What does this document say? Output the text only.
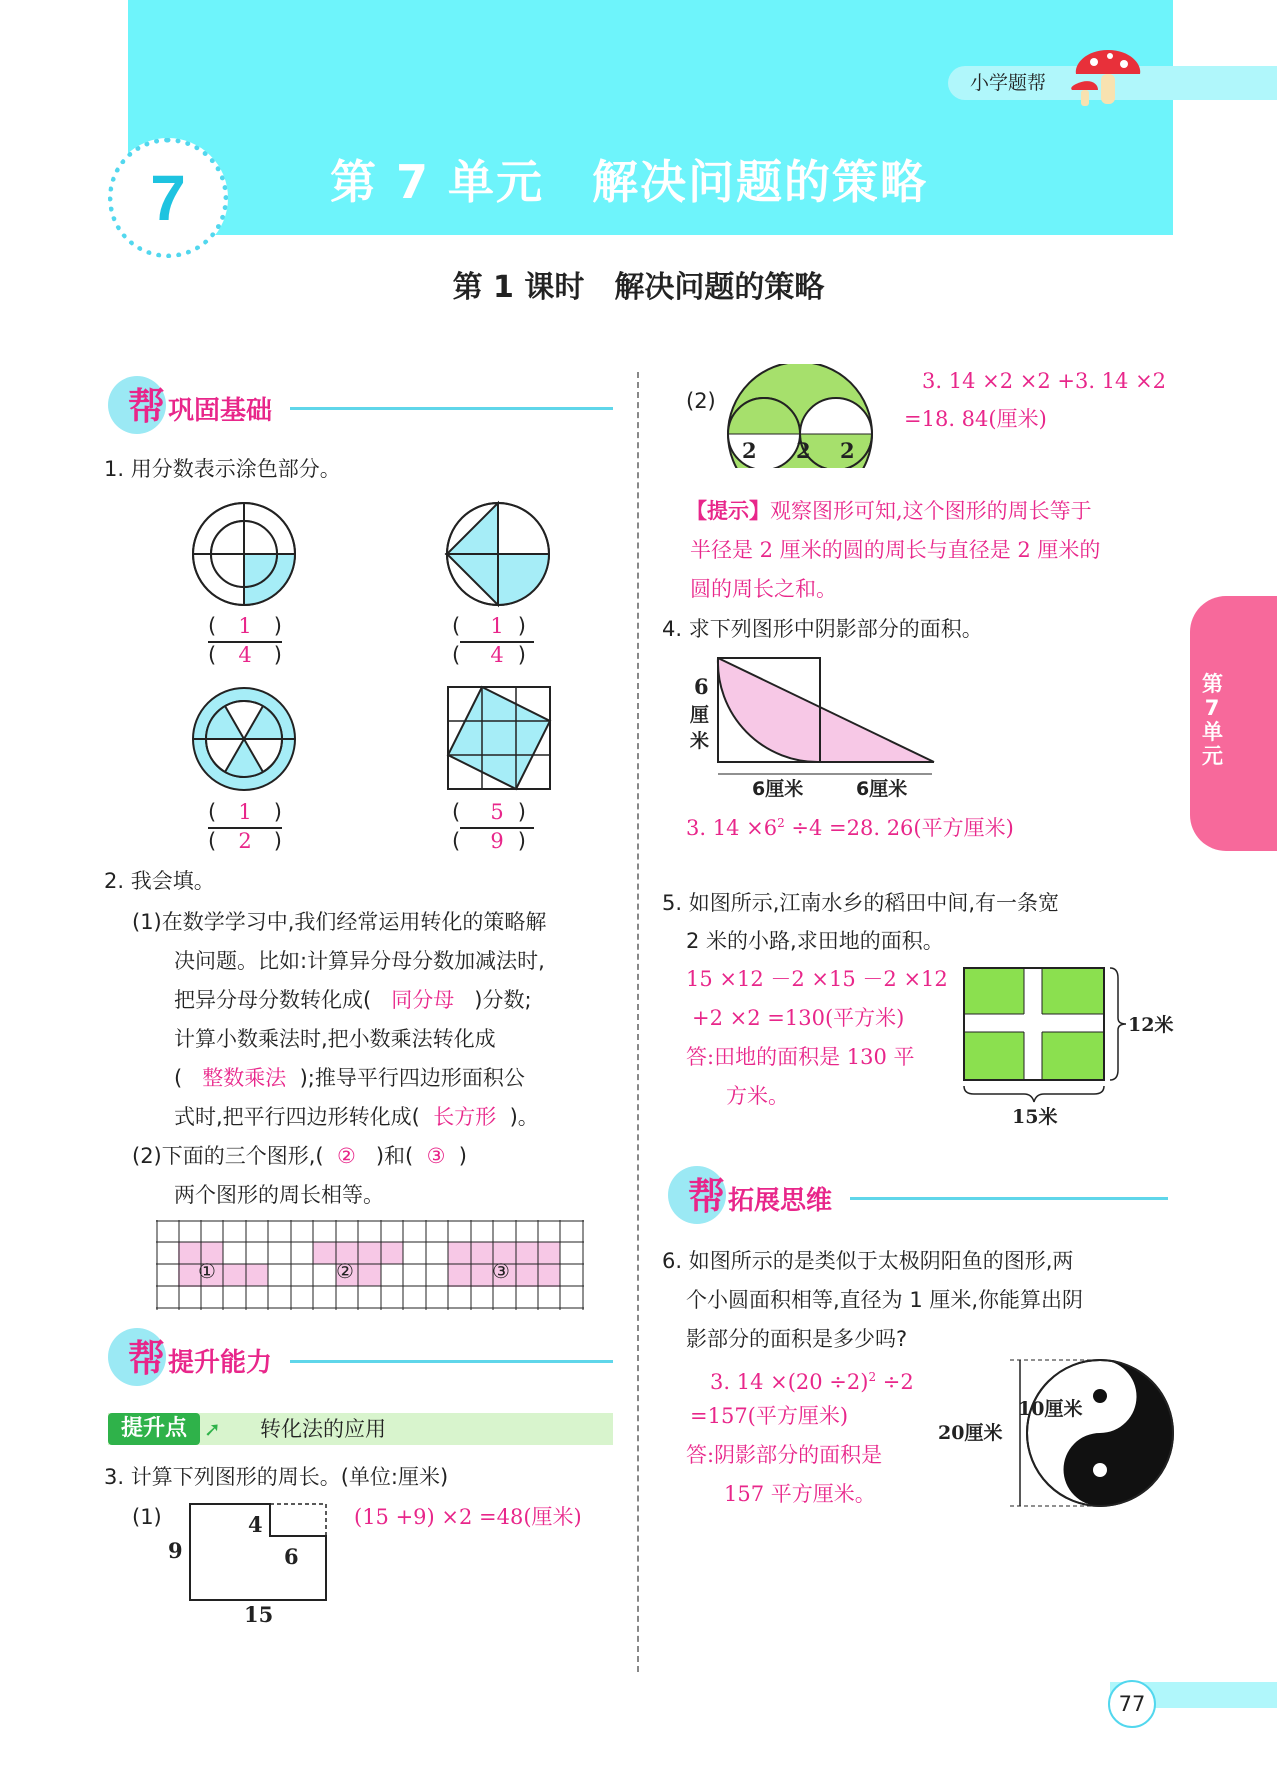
小学题帮
7	第 7 单元　解决问题的策略
第 1 课时　解决问题的策略
第7单元
77
帮 巩固基础
1. 用分数表示涂色部分。
( 1 )
( 4 )
( 1 )
( 4 )
( 1 )
( 2 )
( 5 )
( 9 )
2. 我会填。
(1)在数学学习中,我们经常运用转化的策略解
决问题。比如:计算异分母分数加减法时,
把异分母分数转化成( 同分母 )分数;
计算小数乘法时,把小数乘法转化成
( 整数乘法 );推导平行四边形面积公
式时,把平行四边形转化成( 长方形 )。
(2)下面的三个图形,( ② )和( ③ )
两个图形的周长相等。
①	②	③
帮 提升能力
提升点 ➚ 转化法的应用
3. 计算下列图形的周长。(单位:厘米)
(1)
9
4
6
15
(15 +9) ×2 =48(厘米)
(2)
2 2 2
3. 14 ×2 ×2 +3. 14 ×2
=18. 84(厘米)
【提示】观察图形可知,这个图形的周长等于
半径是 2 厘米的圆的周长与直径是 2 厘米的
圆的周长之和。
4. 求下列图形中阴影部分的面积。
6
厘
米
6厘米	6厘米
3. $14 \times 6^2 \div 4 =28$. 26(平方厘米)
5. 如图所示,江南水乡的稻田中间,有一条宽
2 米的小路,求田地的面积。
15 ×12 －2 ×15 －2 ×12
+2 ×2 =130(平方米)
答:田地的面积是 130 平
方米。
12米
15米
帮 拓展思维
6. 如图所示的是类似于太极阴阳鱼的图形,两
个小圆面积相等,直径为 1 厘米,你能算出阴
影部分的面积是多少吗?
3. $14 \times(20 \div 2)^2 \div 2$
=157(平方厘米)
答:阴影部分的面积是
157 平方厘米。
20厘米
10厘米
